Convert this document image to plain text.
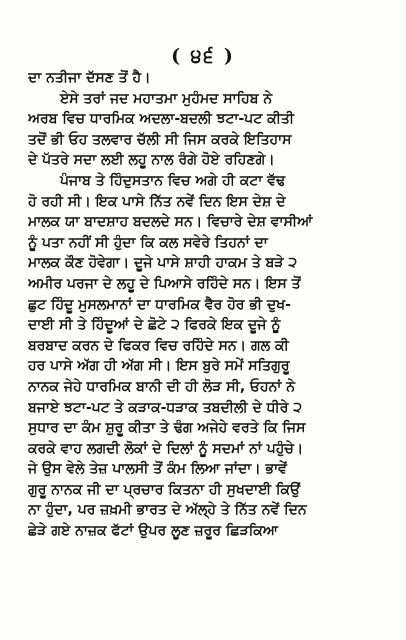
( ੪੬ )
ਦਾ ਨਤੀਜਾ ਦੱਸਣ ਤੋਂ ਹੈ।
ਏਸੇ ਤਰਾਂ ਜਦ ਮਹਾਤਮਾ ਮੁਹੰਮਦ ਸਾਹਿਬ ਨੇ
ਅਰਬ ਵਿਚ ਧਾਰਮਿਕ ਅਦਲਾ-ਬਦਲੀ ਝਟਾ-ਪਟ ਕੀਤੀ
ਤਦੋਂ ਭੀ ਓਹ ਤਲਵਾਰ ਚੱਲੀ ਸੀ ਜਿਸ ਕਰਕੇ ਇਤਿਹਾਸ
ਦੇ ਪੱਤਰੇ ਸਦਾ ਲਈ ਲਹੂ ਨਾਲ ਰੰਗੇ ਹੋਏ ਰਹਿਣਗੇ।
ਪੰਜਾਬ ਤੇ ਹਿੰਦੁਸਤਾਨ ਵਿਚ ਅਗੇ ਹੀ ਕਟਾ ਵੱਢ
ਹੋ ਰਹੀ ਸੀ। ਇਕ ਪਾਸੇ ਨਿੱਤ ਨਵੇਂ ਦਿਨ ਇਸ ਦੇਸ਼ ਦੇ
ਮਾਲਕ ਯਾ ਬਾਦਸ਼ਾਹ ਬਦਲਦੇ ਸਨ। ਵਿਚਾਰੇ ਦੇਸ਼ ਵਾਸੀਆਂ
ਨੂੰ ਪਤਾ ਨਹੀਂ ਸੀ ਹੁੰਦਾ ਕਿ ਕਲ ਸਵੇਰੇ ਤਿਹਨਾਂ ਦਾ
ਮਾਲਕ ਕੌਣ ਹੋਵੇਗਾ। ਦੂਜੇ ਪਾਸੇ ਸ਼ਾਹੀ ਹਾਕਮ ਤੇ ਬੜੇ ੨
ਅਮੀਰ ਪਰਜਾ ਦੇ ਲਹੂ ਦੇ ਪਿਆਸੇ ਰਹਿੰਦੇ ਸਨ। ਇਸ ਤੋਂ
ਛੁਟ ਹਿੰਦੂ ਮੁਸਲਮਾਨਾਂ ਦਾ ਧਾਰਮਿਕ ਵੈਰ ਹੋਰ ਭੀ ਦੁਖ-
ਦਾਈ ਸੀ ਤੇ ਹਿੰਦੂਆਂ ਦੇ ਛੋਟੇ ੨ ਫਿਰਕੇ ਇਕ ਦੂਜੇ ਨੂੰ
ਬਰਬਾਦ ਕਰਨ ਦੇ ਫਿਕਰ ਵਿਚ ਰਹਿੰਦੇ ਸਨ। ਗਲ ਕੀ
ਹਰ ਪਾਸੇ ਅੱਗ ਹੀ ਅੱਗ ਸੀ। ਇਸ ਬੁਰੇ ਸਮੇਂ ਸਤਿਗੁਰੂ
ਨਾਨਕ ਜੇਹੇ ਧਾਰਮਿਕ ਬਾਨੀ ਦੀ ਹੀ ਲੋੜ ਸੀ, ਓਹਨਾਂ ਨੇ
ਬਜਾਏ ਝਟਾ-ਪਟ ਤੇ ਕੜਾਕ-ਧੜਾਕ ਤਬਦੀਲੀ ਦੇ ਧੀਰੇ ੨
ਸੁਧਾਰ ਦਾ ਕੰਮ ਸ਼ੁਰੂ ਕੀਤਾ ਤੇ ਢੰਗ ਅਜੇਹੇ ਵਰਤੇ ਕਿ ਜਿਸ
ਕਰਕੇ ਵਾਹ ਲਗਦੀ ਲੋਕਾਂ ਦੇ ਦਿਲਾਂ ਨੂੰ ਸਦਮਾਂ ਨਾਂ ਪਹੁੰਚੇ।
ਜੇ ਉਸ ਵੇਲੇ ਤੇਜ਼ ਪਾਲਸੀ ਤੋਂ ਕੰਮ ਲਿਆ ਜਾਂਦਾ। ਭਾਵੇਂ
ਗੁਰੂ ਨਾਨਕ ਜੀ ਦਾ ਪ੍ਰਚਾਰ ਕਿਤਨਾ ਹੀ ਸੁਖਦਾਈ ਕਿਉਂ
ਨਾ ਹੁੰਦਾ, ਪਰ ਜ਼ਖ਼ਮੀ ਭਾਰਤ ਦੇ ਅੱਲ੍ਹੇ ਤੇ ਨਿੱਤ ਨਵੇਂ ਦਿਨ
ਛੇੜੇ ਗਏ ਨਾਜ਼ਕ ਫੱਟਾਂ ਉਪਰ ਲੂਣ ਜ਼ਰੂਰ ਛਿੜਕਿਆ
